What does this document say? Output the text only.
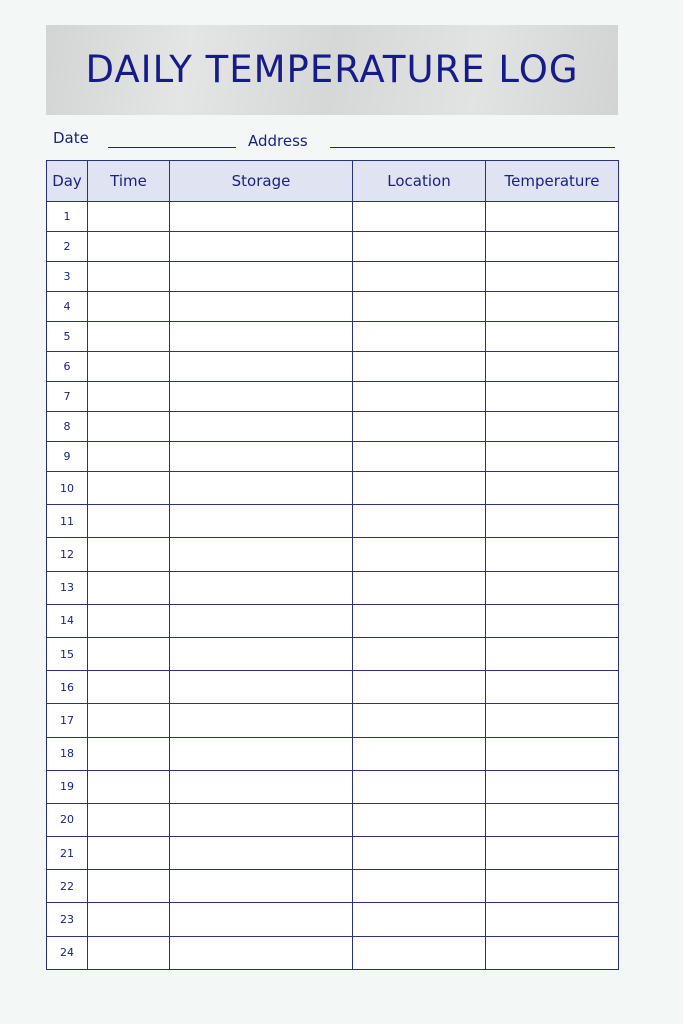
DAILY TEMPERATURE LOG
Date	Address
Day	Time	Storage	Location	Temperature
1				
2				
3				
4				
5				
6				
7				
8				
9				
10				
11				
12				
13				
14				
15				
16				
17				
18				
19				
20				
21				
22				
23				
24				
